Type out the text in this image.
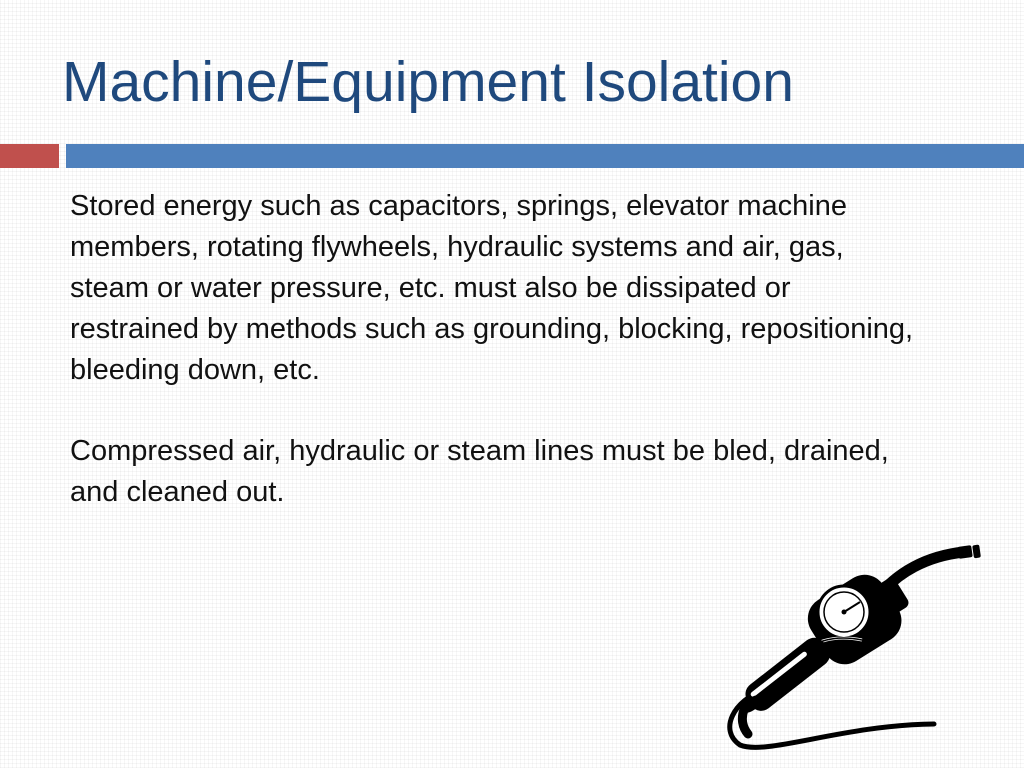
Machine/Equipment Isolation

Stored energy such as capacitors, springs, elevator machine members, rotating flywheels, hydraulic systems and air, gas, steam or water pressure, etc. must also be dissipated or restrained by methods such as grounding, blocking, repositioning, bleeding down, etc.

Compressed air, hydraulic or steam lines must be bled, drained, and cleaned out.
